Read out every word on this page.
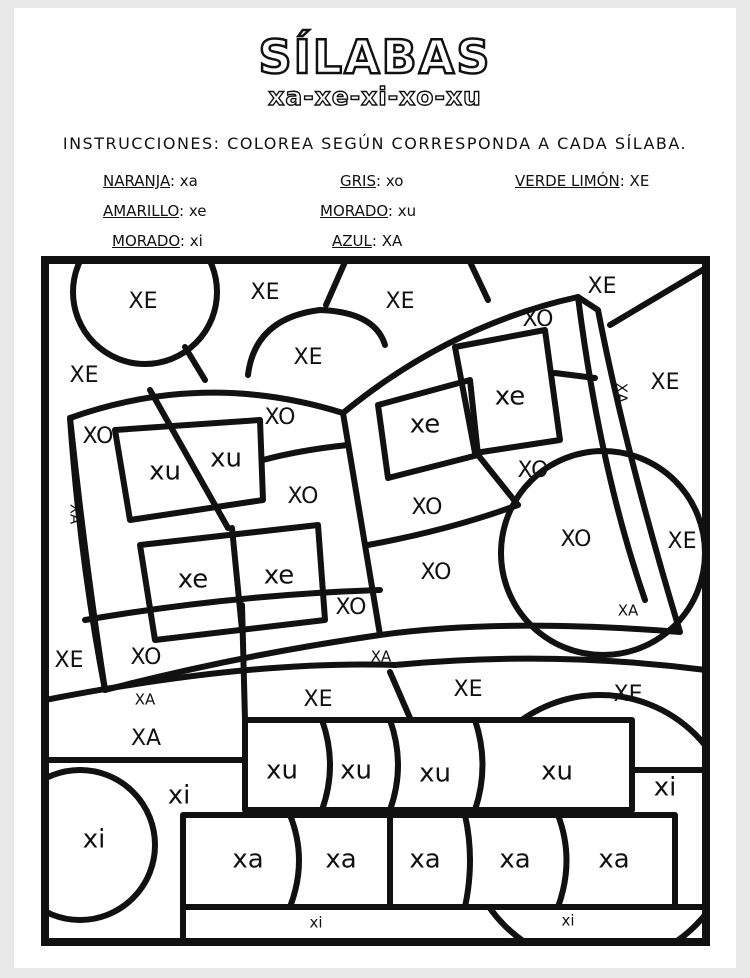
SÍLABAS
xa-xe-xi-xo-xu
INSTRUCCIONES: COLOREA SEGÚN CORRESPONDA A CADA SÍLABA.
NARANJA: xa	GRIS: xo	VERDE LIMÓN: XE
AMARILLO: xe	MORADO: xu
MORADO: xi	AZUL: XA
XE	XE	XE
XE
XE
XE	XE
XE
XE
XE
XE	XE
XO
XO
XO
XO
XO	XO
XO
XO
XO
XO
XA
XA
XA
XA
XA
XA
xe
xe
xe xe
xu xu
xu xu xu	xu
xi	xi
xi
xa xa xa xa	xa
xi	xi
